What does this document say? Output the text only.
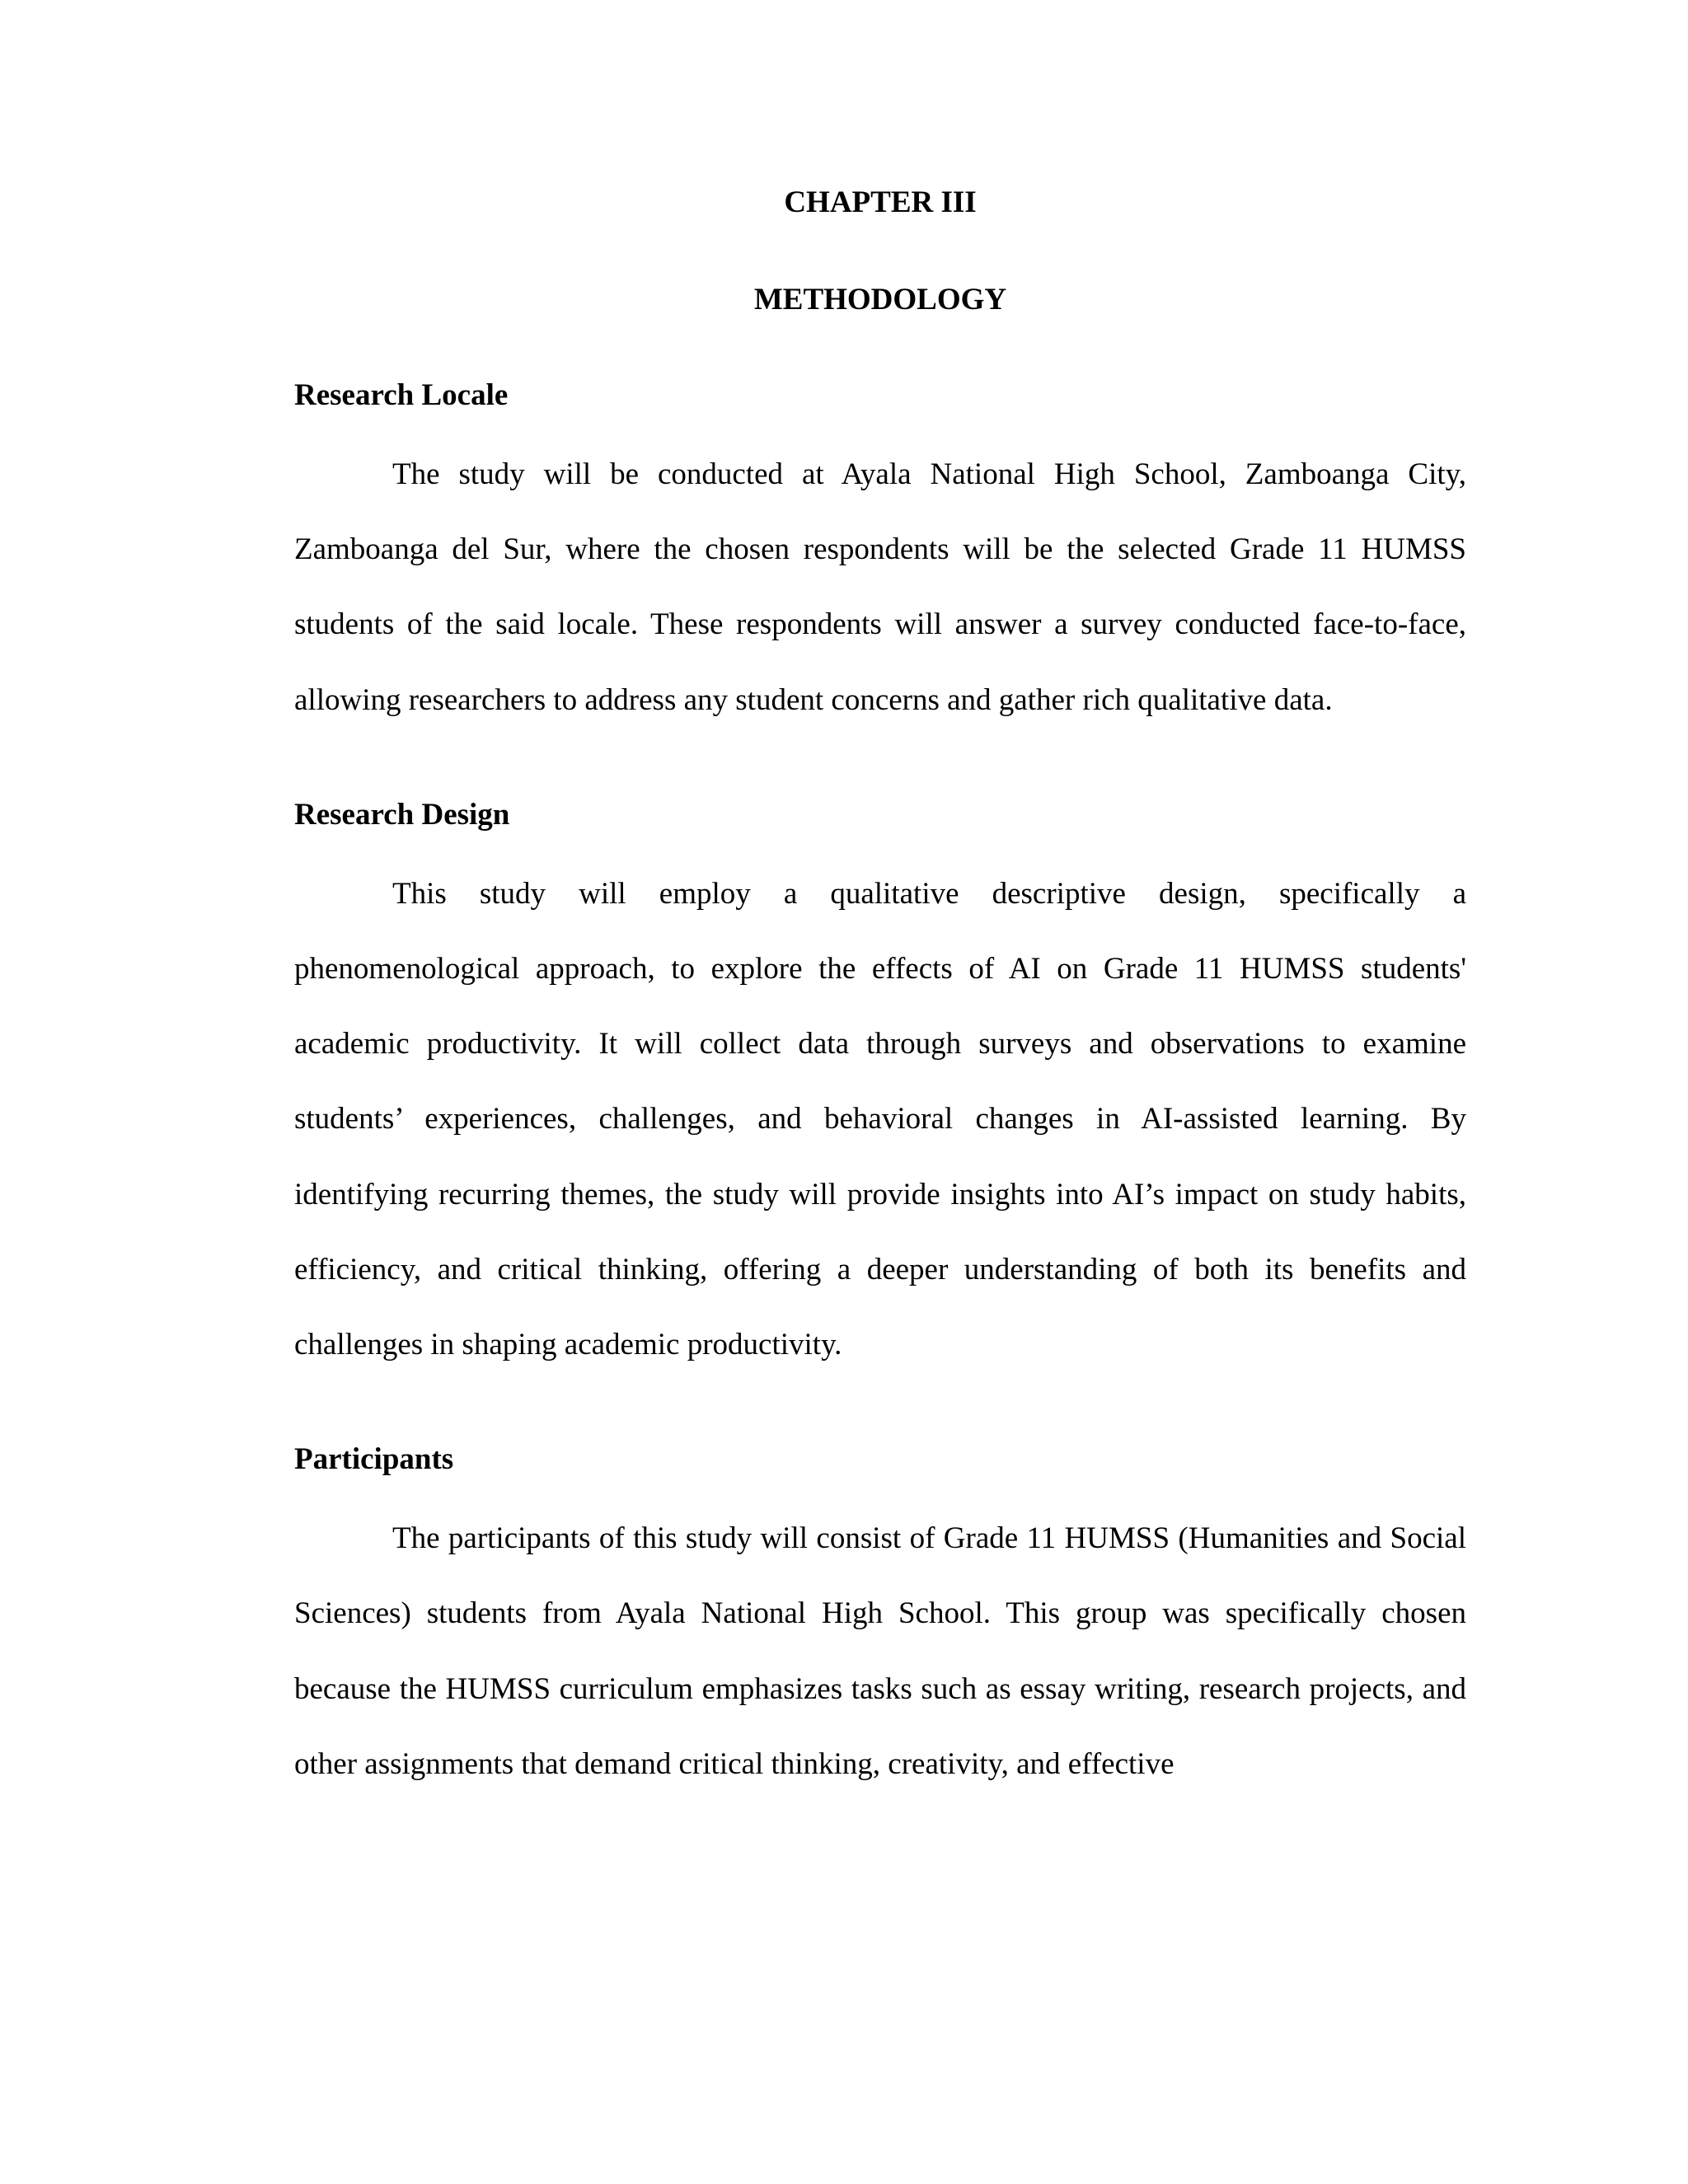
CHAPTER III
METHODOLOGY
Research Locale

The study will be conducted at Ayala National High School, Zamboanga City, Zamboanga del Sur, where the chosen respondents will be the selected Grade 11 HUMSS students of the said locale. These respondents will answer a survey conducted face-to-face, allowing researchers to address any student concerns and gather rich qualitative data.

Research Design

This study will employ a qualitative descriptive design, specifically a phenomenological approach, to explore the effects of AI on Grade 11 HUMSS students' academic productivity. It will collect data through surveys and observations to examine students’ experiences, challenges, and behavioral changes in AI-assisted learning. By identifying recurring themes, the study will provide insights into AI’s impact on study habits, efficiency, and critical thinking, offering a deeper understanding of both its benefits and challenges in shaping academic productivity.

Participants

The participants of this study will consist of Grade 11 HUMSS (Humanities and Social Sciences) students from Ayala National High School. This group was specifically chosen because the HUMSS curriculum emphasizes tasks such as essay writing, research projects, and other assignments that demand critical thinking, creativity, and effective
